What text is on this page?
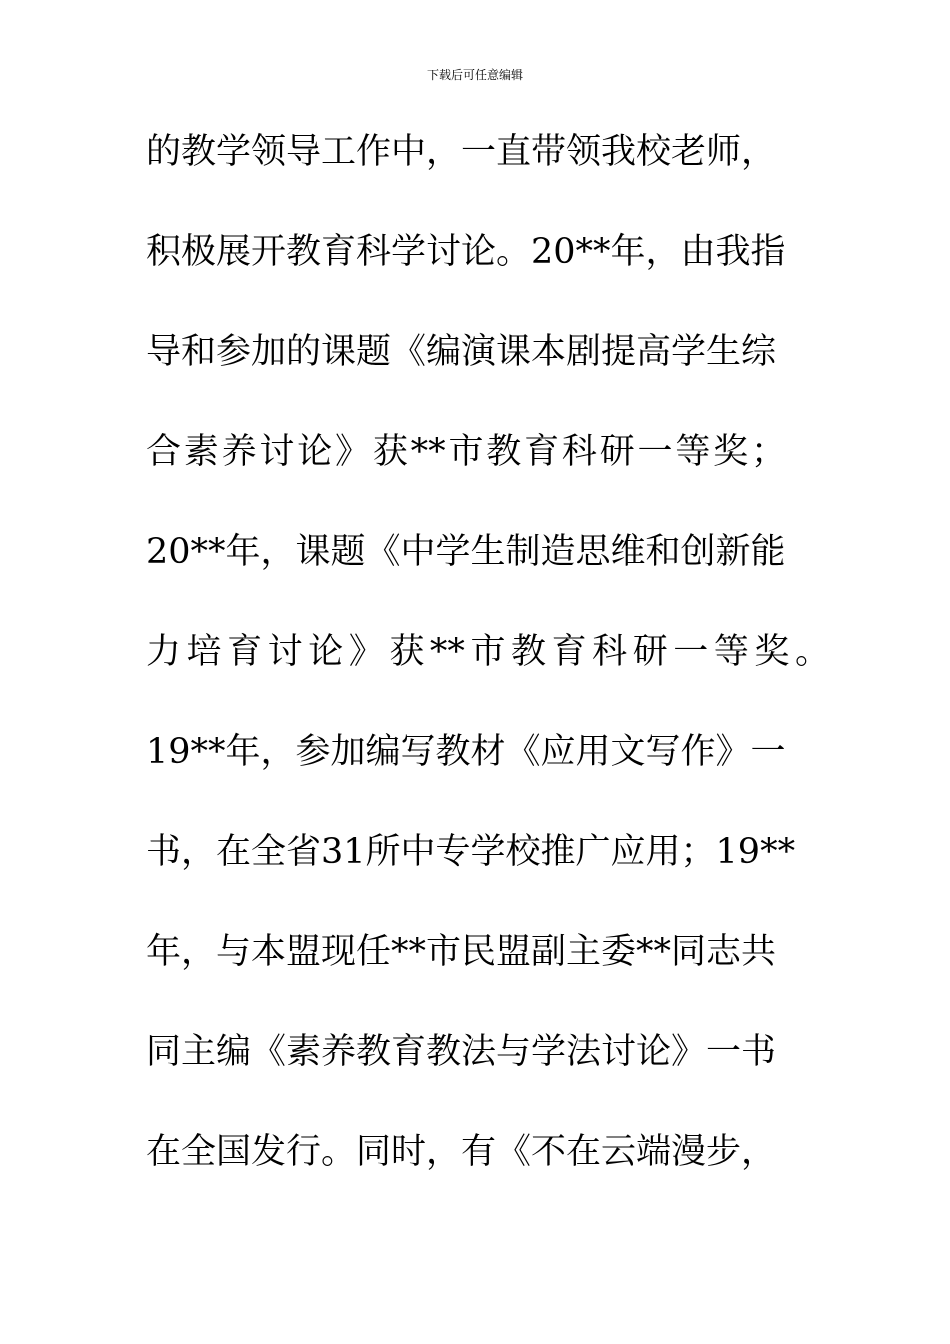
下载后可任意编辑
的教学领导工作中，一直带领我校老师，
积极展开教育科学讨论。20**年，由我指
导和参加的课题《编演课本剧提高学生综
合素养讨论》获**市教育科研一等奖；
20**年，课题《中学生制造思维和创新能
力培育讨论》获**市教育科研一等奖。
19**年，参加编写教材《应用文写作》一
书，在全省31所中专学校推广应用；19**
年，与本盟现任**市民盟副主委**同志共
同主编《素养教育教法与学法讨论》一书
在全国发行。同时，有《不在云端漫步，
